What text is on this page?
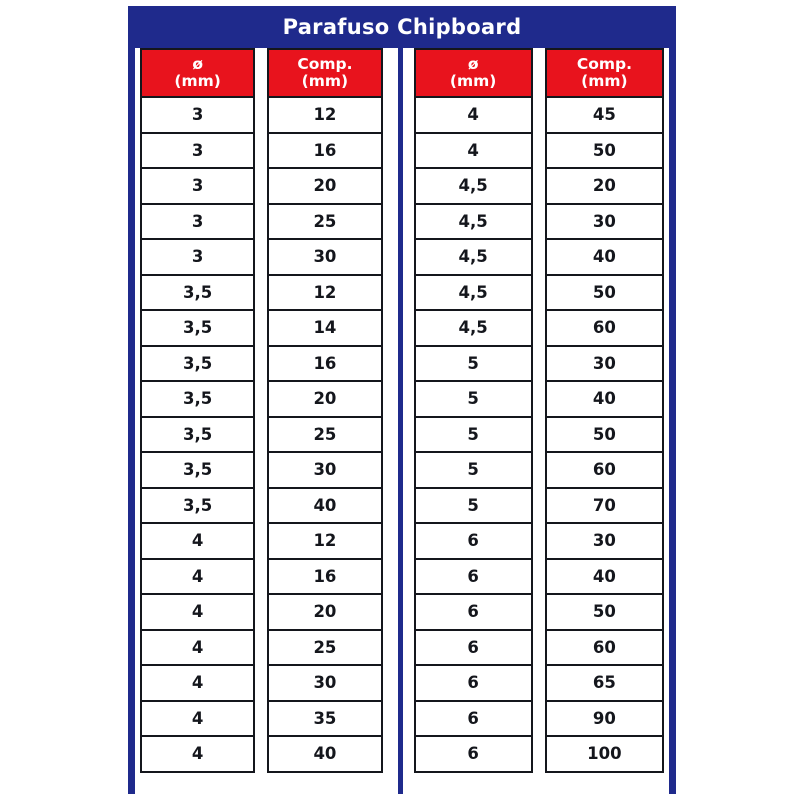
Parafuso Chipboard
ø
(mm)
3
3
3
3
3
3,5
3,5
3,5
3,5
3,5
3,5
3,5
4
4
4
4
4
4
4
Comp.
(mm)
12
16
20
25
30
12
14
16
20
25
30
40
12
16
20
25
30
35
40
ø
(mm)
4
4
4,5
4,5
4,5
4,5
4,5
5
5
5
5
5
6
6
6
6
6
6
6
Comp.
(mm)
45
50
20
30
40
50
60
30
40
50
60
70
30
40
50
60
65
90
100
